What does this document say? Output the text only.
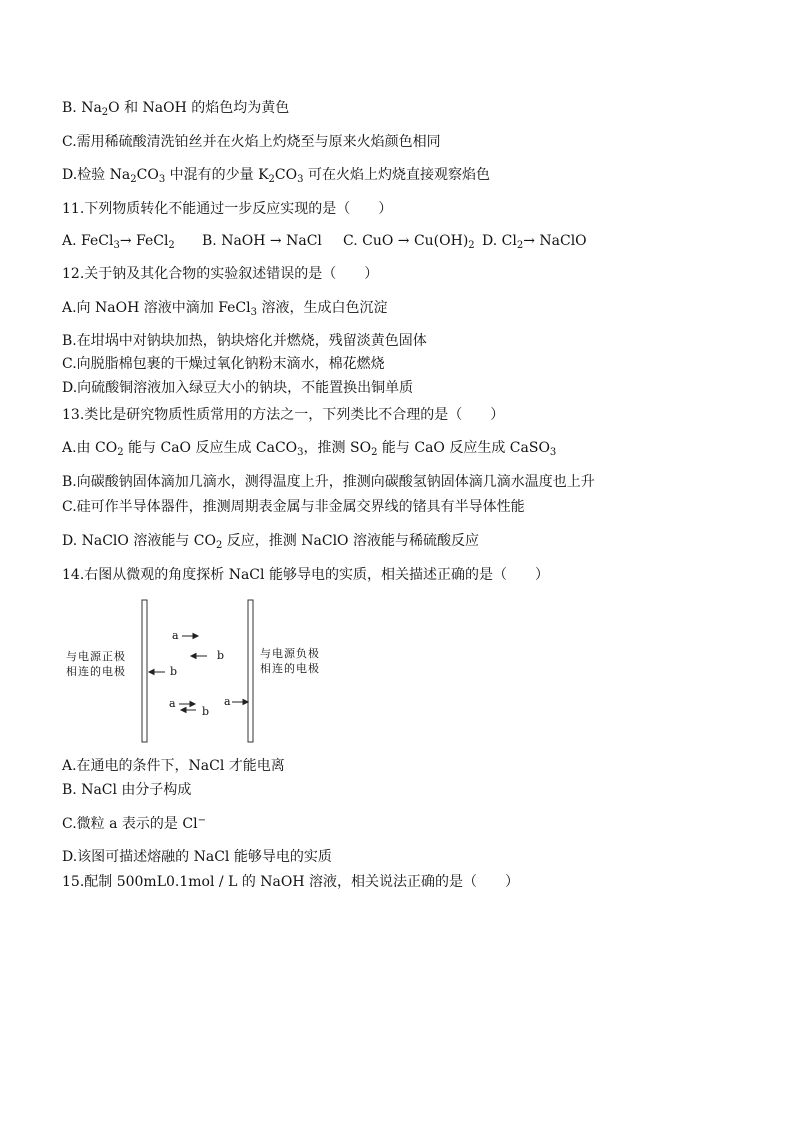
B. $Na_2O$ 和 NaOH 的焰色均为黄色
C.需用稀硫酸清洗铂丝并在火焰上灼烧至与原来火焰颜色相同
D.检验 $Na_2CO_3$ 中混有的少量 $K_2CO_3$ 可在火焰上灼烧直接观察焰色
11.下列物质转化不能通过一步反应实现的是（　　）
A. FeCl$_3$→ FeCl$_2$ B. NaOH → NaCl C. CuO → $Cu(OH)_2$ D. $Cl_2\to$ NaClO
12.关于钠及其化合物的实验叙述错误的是（　　）
A.向 NaOH 溶液中滴加 FeCl$_3$ 溶液，生成白色沉淀
B.在坩埚中对钠块加热，钠块熔化并燃烧，残留淡黄色固体
C.向脱脂棉包裹的干燥过氧化钠粉末滴水，棉花燃烧
D.向硫酸铜溶液加入绿豆大小的钠块，不能置换出铜单质
13.类比是研究物质性质常用的方法之一，下列类比不合理的是（　　）
A.由 $CO_2$ 能与 CaO 反应生成 CaCO$_3$，推测 $SO_2$ 能与 CaO 反应生成 CaSO$_3$
B.向碳酸钠固体滴加几滴水，测得温度上升，推测向碳酸氢钠固体滴几滴水温度也上升
C.硅可作半导体器件，推测周期表金属与非金属交界线的锗具有半导体性能
D. NaClO 溶液能与 $CO_2$ 反应，推测 NaClO 溶液能与稀硫酸反应
14.右图从微观的角度探析 NaCl 能够导电的实质，相关描述正确的是（　　）
与电源正极
相连的电极
与电源负极
相连的电极
a
b
b
a
b
a
A.在通电的条件下，NaCl 才能电离
B. NaCl 由分子构成
C.微粒 a 表示的是 Cl−
D.该图可描述熔融的 NaCl 能够导电的实质
15.配制 500mL0.1mol / L 的 NaOH 溶液，相关说法正确的是（　　）
